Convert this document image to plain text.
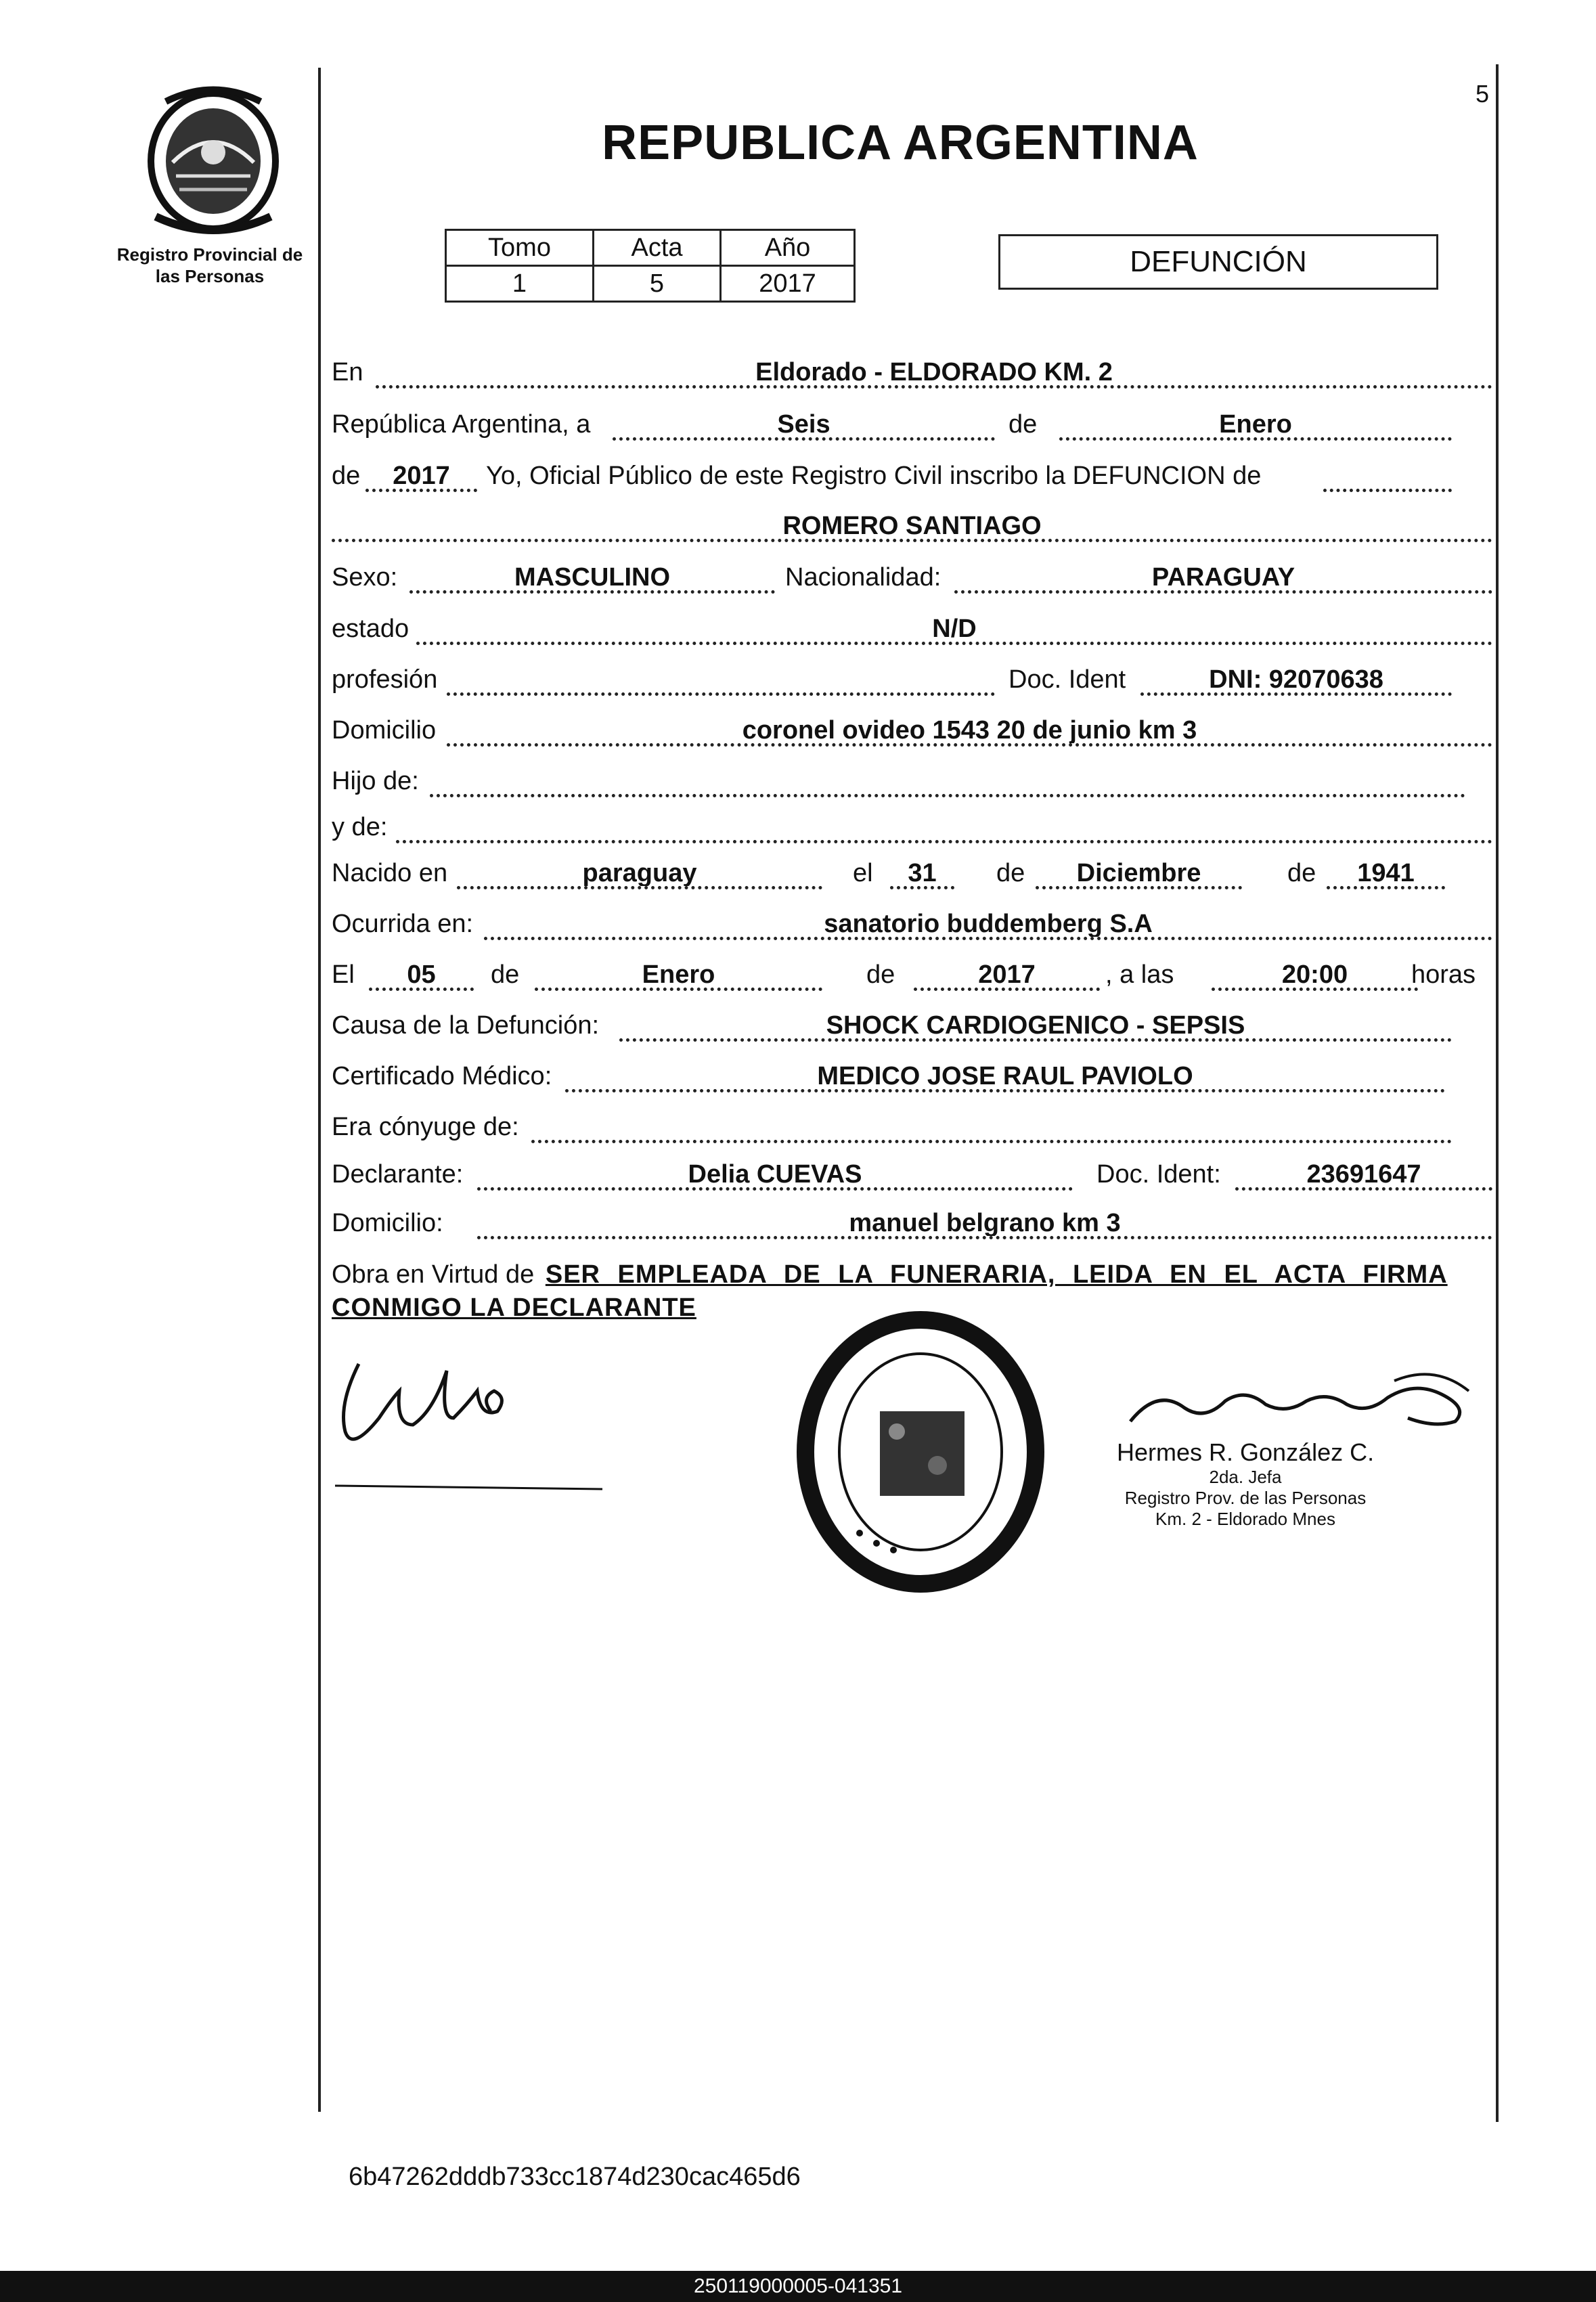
Registro Provincial de
las Personas
5
REPUBLICA ARGENTINA
Tomo	Acta	Año
1	5	2017
DEFUNCIÓN
En	Eldorado - ELDORADO KM. 2
República Argentina, a	Seis	de	Enero
de	2017	Yo, Oficial Público de este Registro Civil inscribo la DEFUNCION de
ROMERO SANTIAGO
Sexo:	MASCULINO	Nacionalidad:	PARAGUAY
estado	N/D
profesión	Doc. Ident	DNI: 92070638
Domicilio	coronel ovideo 1543 20 de junio km 3
Hijo de:
y de:
Nacido en	paraguay	el	31	de	Diciembre	de	1941
Ocurrida en:	sanatorio buddemberg S.A
El	05	de	Enero	de	2017	, a las	20:00	horas
Causa de la Defunción:	SHOCK CARDIOGENICO - SEPSIS
Certificado Médico:	MEDICO JOSE RAUL PAVIOLO
Era cónyuge de:
Declarante:	Delia CUEVAS	Doc. Ident:	23691647
Domicilio:	manuel belgrano km 3
Obra en Virtud de SER EMPLEADA DE LA FUNERARIA, LEIDA EN EL ACTA FIRMA
CONMIGO LA DECLARANTE
Hermes R. González C.
2da. Jefa
Registro Prov. de las Personas
Km. 2 - Eldorado Mnes
6b47262dddb733cc1874d230cac465d6
250119000005-041351
